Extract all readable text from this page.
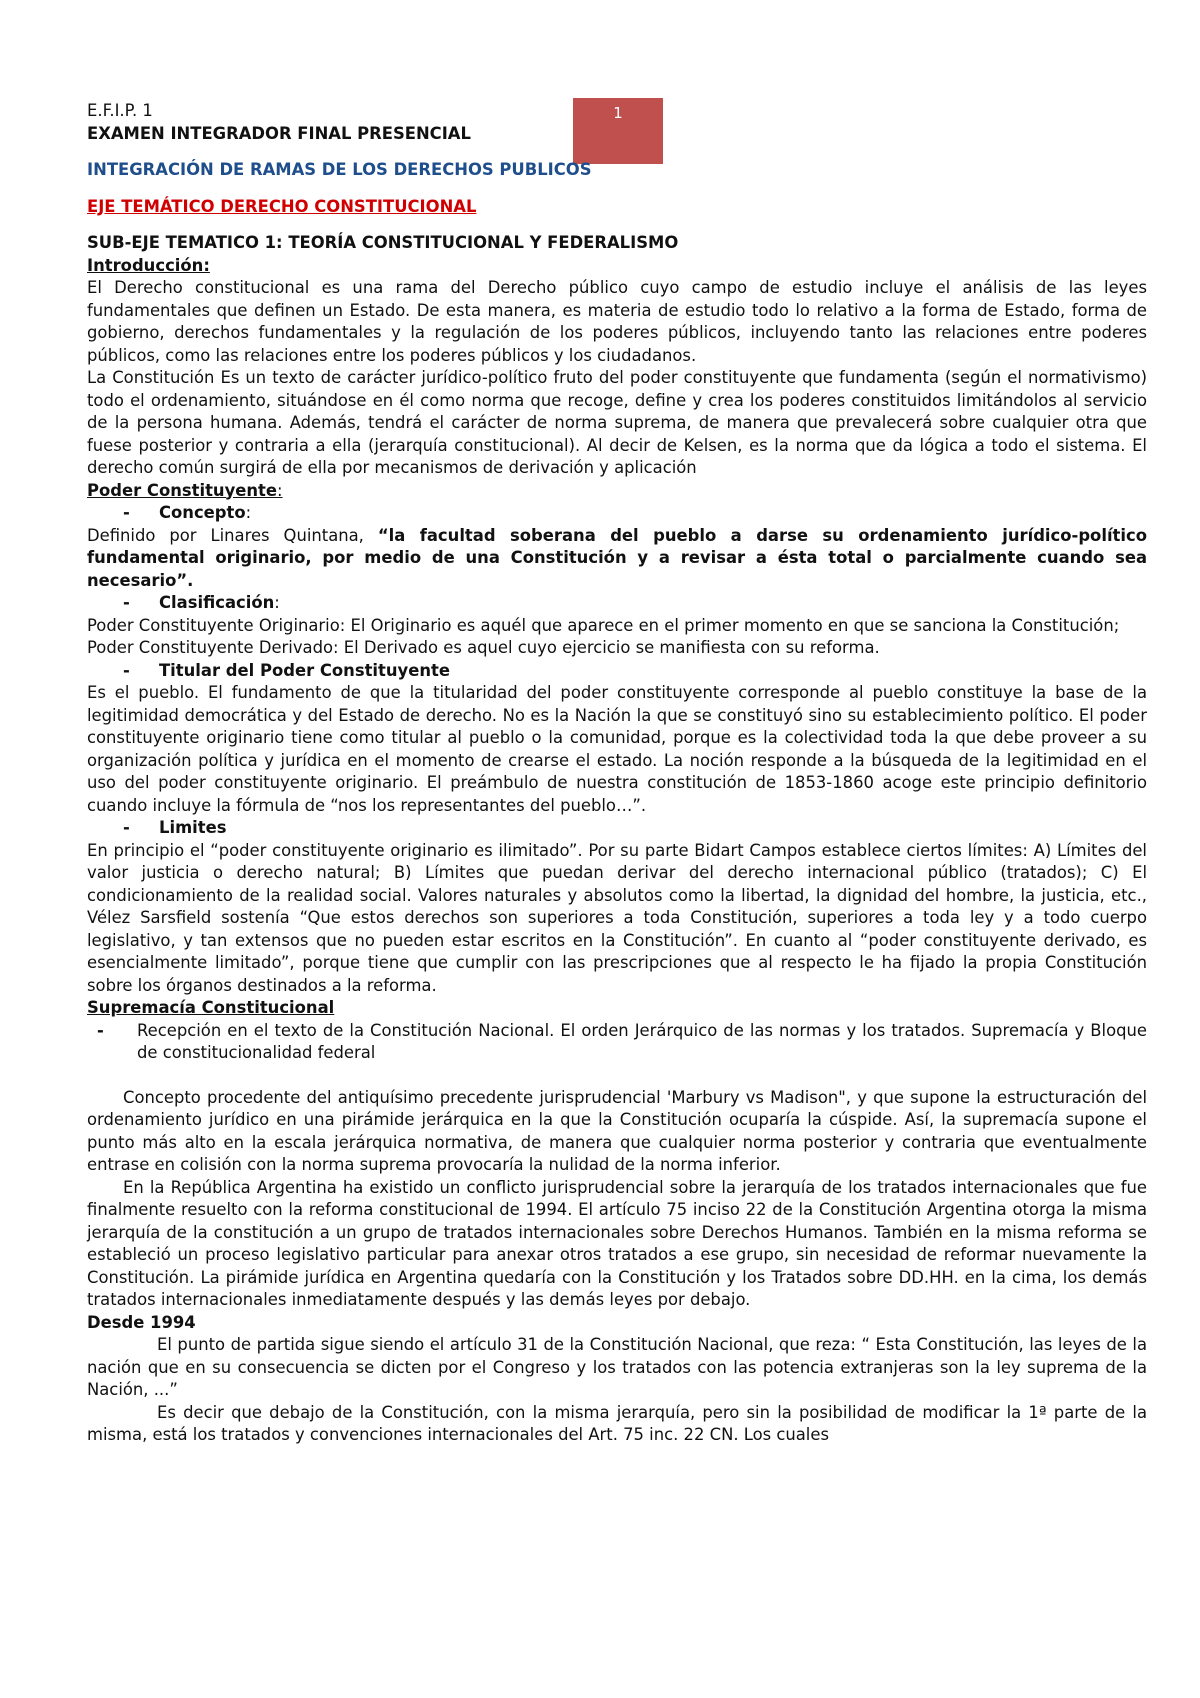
1

E.F.I.P. 1

EXAMEN INTEGRADOR FINAL PRESENCIAL

INTEGRACIÓN DE RAMAS DE LOS DERECHOS PUBLICOS

EJE TEMÁTICO DERECHO CONSTITUCIONAL

SUB-EJE TEMATICO 1: TEORÍA CONSTITUCIONAL Y FEDERALISMO

Introducción:

El Derecho constitucional es una rama del Derecho público cuyo campo de estudio incluye el análisis de las leyes fundamentales que definen un Estado. De esta manera, es materia de estudio todo lo relativo a la forma de Estado, forma de gobierno, derechos fundamentales y la regulación de los poderes públicos, incluyendo tanto las relaciones entre poderes públicos, como las relaciones entre los poderes públicos y los ciudadanos.

La Constitución Es un texto de carácter jurídico-político fruto del poder constituyente que fundamenta (según el normativismo) todo el ordenamiento, situándose en él como norma que recoge, define y crea los poderes constituidos limitándolos al servicio de la persona humana. Además, tendrá el carácter de norma suprema, de manera que prevalecerá sobre cualquier otra que fuese posterior y contraria a ella (jerarquía constitucional). Al decir de Kelsen, es la norma que da lógica a todo el sistema. El derecho común surgirá de ella por mecanismos de derivación y aplicación

Poder Constituyente:

- Concepto:

Definido por Linares Quintana, “la facultad soberana del pueblo a darse su ordenamiento jurídico-político fundamental originario, por medio de una Constitución y a revisar a ésta total o parcialmente cuando sea necesario”.

- Clasificación:

Poder Constituyente Originario: El Originario es aquél que aparece en el primer momento en que se sanciona la Constitución;

Poder Constituyente Derivado: El Derivado es aquel cuyo ejercicio se manifiesta con su reforma.

- Titular del Poder Constituyente

Es el pueblo. El fundamento de que la titularidad del poder constituyente corresponde al pueblo constituye la base de la legitimidad democrática y del Estado de derecho. No es la Nación la que se constituyó sino su establecimiento político. El poder constituyente originario tiene como titular al pueblo o la comunidad, porque es la colectividad toda la que debe proveer a su organización política y jurídica en el momento de crearse el estado. La noción responde a la búsqueda de la legitimidad en el uso del poder constituyente originario. El preámbulo de nuestra constitución de 1853-1860 acoge este principio definitorio cuando incluye la fórmula de “nos los representantes del pueblo…”.

- Limites

En principio el “poder constituyente originario es ilimitado”. Por su parte Bidart Campos establece ciertos límites: A) Límites del valor justicia o derecho natural; B) Límites que puedan derivar del derecho internacional público (tratados); C) El condicionamiento de la realidad social. Valores naturales y absolutos como la libertad, la dignidad del hombre, la justicia, etc., Vélez Sarsfield sostenía “Que estos derechos son superiores a toda Constitución, superiores a toda ley y a todo cuerpo legislativo, y tan extensos que no pueden estar escritos en la Constitución”. En cuanto al “poder constituyente derivado, es esencialmente limitado”, porque tiene que cumplir con las prescripciones que al respecto le ha fijado la propia Constitución sobre los órganos destinados a la reforma.

Supremacía Constitucional

- Recepción en el texto de la Constitución Nacional. El orden Jerárquico de las normas y los tratados. Supremacía y Bloque de constitucionalidad federal

Concepto procedente del antiquísimo precedente jurisprudencial 'Marbury vs Madison", y que supone la estructuración del ordenamiento jurídico en una pirámide jerárquica en la que la Constitución ocuparía la cúspide. Así, la supremacía supone el punto más alto en la escala jerárquica normativa, de manera que cualquier norma posterior y contraria que eventualmente entrase en colisión con la norma suprema provocaría la nulidad de la norma inferior.

En la República Argentina ha existido un conflicto jurisprudencial sobre la jerarquía de los tratados internacionales que fue finalmente resuelto con la reforma constitucional de 1994. El artículo 75 inciso 22 de la Constitución Argentina otorga la misma jerarquía de la constitución a un grupo de tratados internacionales sobre Derechos Humanos. También en la misma reforma se estableció un proceso legislativo particular para anexar otros tratados a ese grupo, sin necesidad de reformar nuevamente la Constitución. La pirámide jurídica en Argentina quedaría con la Constitución y los Tratados sobre DD.HH. en la cima, los demás tratados internacionales inmediatamente después y las demás leyes por debajo.

Desde 1994

El punto de partida sigue siendo el artículo 31 de la Constitución Nacional, que reza: “ Esta Constitución, las leyes de la nación que en su consecuencia se dicten por el Congreso y los tratados con las potencia extranjeras son la ley suprema de la Nación, ...”

Es decir que debajo de la Constitución, con la misma jerarquía, pero sin la posibilidad de modificar la 1ª parte de la misma, está los tratados y convenciones internacionales del Art. 75 inc. 22 CN. Los cuales
